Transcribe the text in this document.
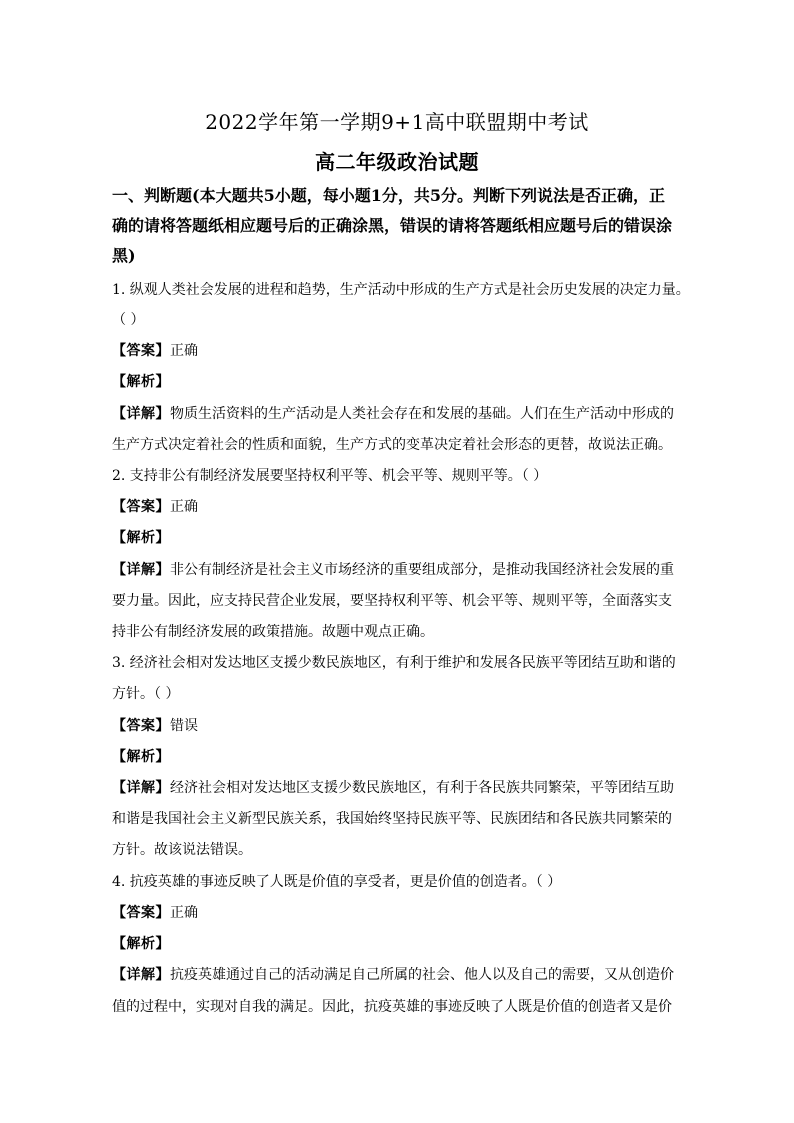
2022学年第一学期9+1高中联盟期中考试
高二年级政治试题
一、判断题(本大题共5小题，每小题1分，共5分。判断下列说法是否正确，正
确的请将答题纸相应题号后的正确涂黑，错误的请将答题纸相应题号后的错误涂
黑)
1. 纵观人类社会发展的进程和趋势，生产活动中形成的生产方式是社会历史发展的决定力量。
（ ）
【答案】正确
【解析】
【详解】物质生活资料的生产活动是人类社会存在和发展的基础。人们在生产活动中形成的
生产方式决定着社会的性质和面貌，生产方式的变革决定着社会形态的更替，故说法正确。
2. 支持非公有制经济发展要坚持权利平等、机会平等、规则平等。（ ）
【答案】正确
【解析】
【详解】非公有制经济是社会主义市场经济的重要组成部分，是推动我国经济社会发展的重
要力量。因此，应支持民营企业发展，要坚持权利平等、机会平等、规则平等，全面落实支
持非公有制经济发展的政策措施。故题中观点正确。
3. 经济社会相对发达地区支援少数民族地区，有利于维护和发展各民族平等团结互助和谐的
方针。（ ）
【答案】错误
【解析】
【详解】经济社会相对发达地区支援少数民族地区，有利于各民族共同繁荣，平等团结互助
和谐是我国社会主义新型民族关系，我国始终坚持民族平等、民族团结和各民族共同繁荣的
方针。故该说法错误。
4. 抗疫英雄的事迹反映了人既是价值的享受者，更是价值的创造者。（ ）
【答案】正确
【解析】
【详解】抗疫英雄通过自己的活动满足自己所属的社会、他人以及自己的需要，又从创造价
值的过程中，实现对自我的满足。因此，抗疫英雄的事迹反映了人既是价值的创造者又是价
